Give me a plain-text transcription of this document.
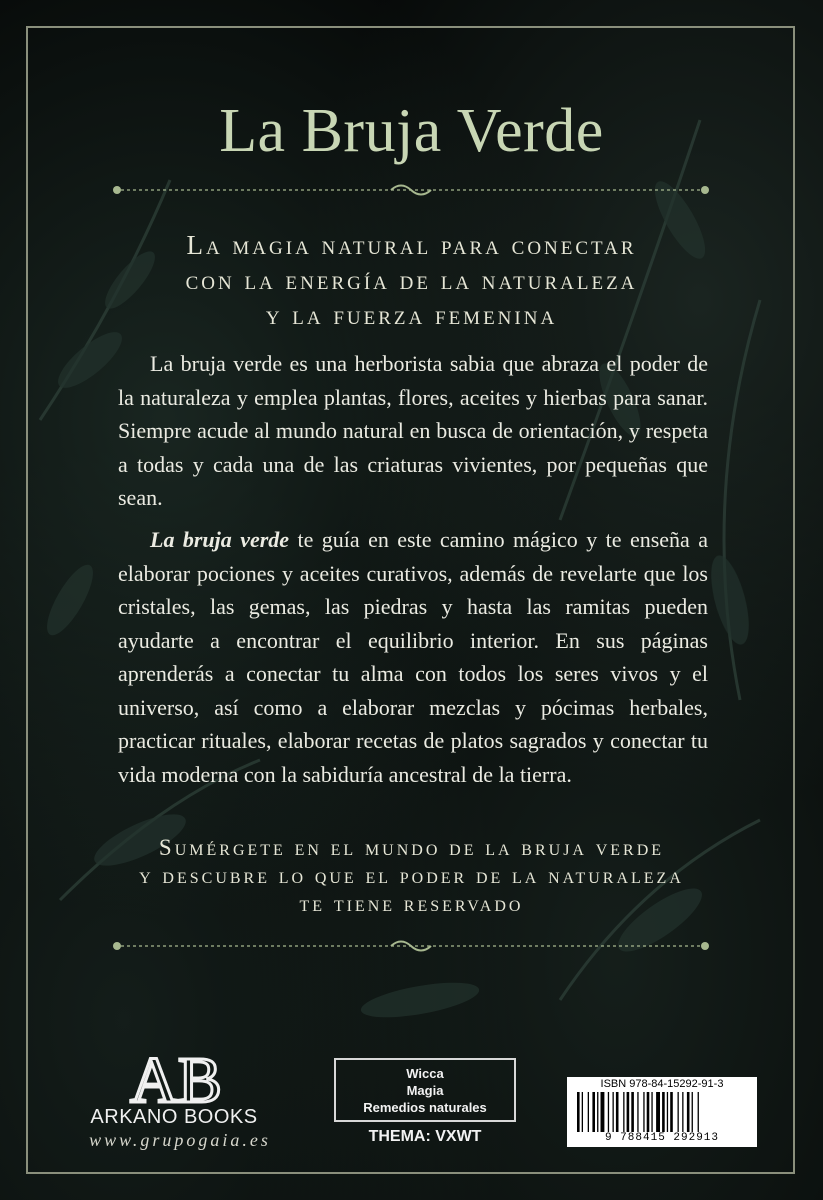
La Bruja Verde
La magia natural para conectar
con la energía de la naturaleza
y la fuerza femenina

La bruja verde es una herborista sabia que abraza el poder de la naturaleza y emplea plantas, flores, aceites y hierbas para sanar. Siempre acude al mundo natural en busca de orientación, y respeta a todas y cada una de las criaturas vivientes, por pequeñas que sean.

La bruja verde te guía en este camino mágico y te enseña a elaborar pociones y aceites curativos, además de revelarte que los cristales, las gemas, las piedras y hasta las ramitas pueden ayudarte a encontrar el equilibrio interior. En sus páginas aprenderás a conectar tu alma con todos los seres vivos y el universo, así como a elaborar mezclas y pócimas herbales, practicar rituales, elaborar recetas de platos sagrados y conectar tu vida moderna con la sabiduría ancestral de la tierra.

Sumérgete en el mundo de la bruja verde
y descubre lo que el poder de la naturaleza
te tiene reservado
AB
ARKANO BOOKS
www.grupogaia.es
Wicca
Magia
Remedios naturales
THEMA: VXWT
ISBN 978-84-15292-91-3
9 788415 292913
